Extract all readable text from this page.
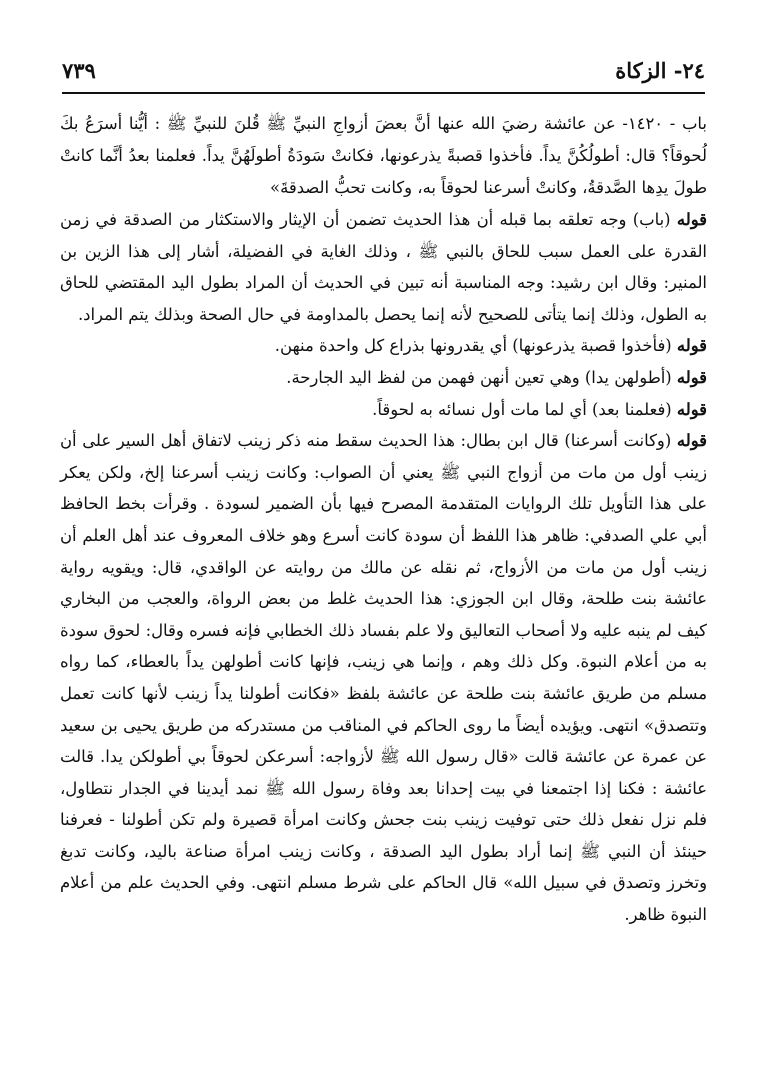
٢٤- الزكاة
٧٣٩
باب - ١٤٢٠- عن عائشة رضيَ الله عنها أنَّ بعضَ أزواجِ النبيِّ ﷺ قُلنَ للنبيِّ ﷺ : أيُّنا أسرَعُ بكَ لُحوقاً؟ قال: أطولُكُنَّ يداً. فأخذوا قصبةً يذرعونها، فكانتْ سَودَةُ أطولَهُنَّ يداً. فعلمنا بعدُ أنَّما كانتْ طولَ يدِها الصَّدقةُ، وكانتْ أسرعنا لحوقاً به، وكانت تحبُّ الصدقةَ»

قوله (باب) وجه تعلقه بما قبله أن هذا الحديث تضمن أن الإيثار والاستكثار من الصدقة في زمن القدرة على العمل سبب للحاق بالنبي ﷺ ، وذلك الغاية في الفضيلة، أشار إلى هذا الزين بن المنير: وقال ابن رشيد: وجه المناسبة أنه تبين في الحديث أن المراد بطول اليد المقتضي للحاق به الطول، وذلك إنما يتأتى للصحيح لأنه إنما يحصل بالمداومة في حال الصحة وبذلك يتم المراد.

قوله (فأخذوا قصبة يذرعونها) أي يقدرونها بذراع كل واحدة منهن.

قوله (أطولهن يدا) وهي تعين أنهن فهمن من لفظ اليد الجارحة.

قوله (فعلمنا بعد) أي لما مات أول نسائه به لحوقاً.

قوله (وكانت أسرعنا) قال ابن بطال: هذا الحديث سقط منه ذكر زينب لاتفاق أهل السير على أن زينب أول من مات من أزواج النبي ﷺ يعني أن الصواب: وكانت زينب أسرعنا إلخ، ولكن يعكر على هذا التأويل تلك الروايات المتقدمة المصرح فيها بأن الضمير لسودة . وقرأت بخط الحافظ أبي علي الصدفي: ظاهر هذا اللفظ أن سودة كانت أسرع وهو خلاف المعروف عند أهل العلم أن زينب أول من مات من الأزواج، ثم نقله عن مالك من روايته عن الواقدي، قال: ويقويه رواية عائشة بنت طلحة، وقال ابن الجوزي: هذا الحديث غلط من بعض الرواة، والعجب من البخاري كيف لم ينبه عليه ولا أصحاب التعاليق ولا علم بفساد ذلك الخطابي فإنه فسره وقال: لحوق سودة به من أعلام النبوة. وكل ذلك وهم ، وإنما هي زينب، فإنها كانت أطولهن يداً بالعطاء، كما رواه مسلم من طريق عائشة بنت طلحة عن عائشة بلفظ «فكانت أطولنا يداً زينب لأنها كانت تعمل وتتصدق» انتهى. ويؤيده أيضاً ما روى الحاكم في المناقب من مستدركه من طريق يحيى بن سعيد عن عمرة عن عائشة قالت «قال رسول الله ﷺ لأزواجه: أسرعكن لحوقاً بي أطولكن يدا. قالت عائشة : فكنا إذا اجتمعنا في بيت إحدانا بعد وفاة رسول الله ﷺ نمد أيدينا في الجدار نتطاول، فلم نزل نفعل ذلك حتى توفيت زينب بنت جحش وكانت امرأة قصيرة ولم تكن أطولنا - فعرفنا حينئذ أن النبي ﷺ إنما أراد بطول اليد الصدقة ، وكانت زينب امرأة صناعة باليد، وكانت تدبغ وتخرز وتصدق في سبيل الله» قال الحاكم على شرط مسلم انتهى. وفي الحديث علم من أعلام النبوة ظاهر.
